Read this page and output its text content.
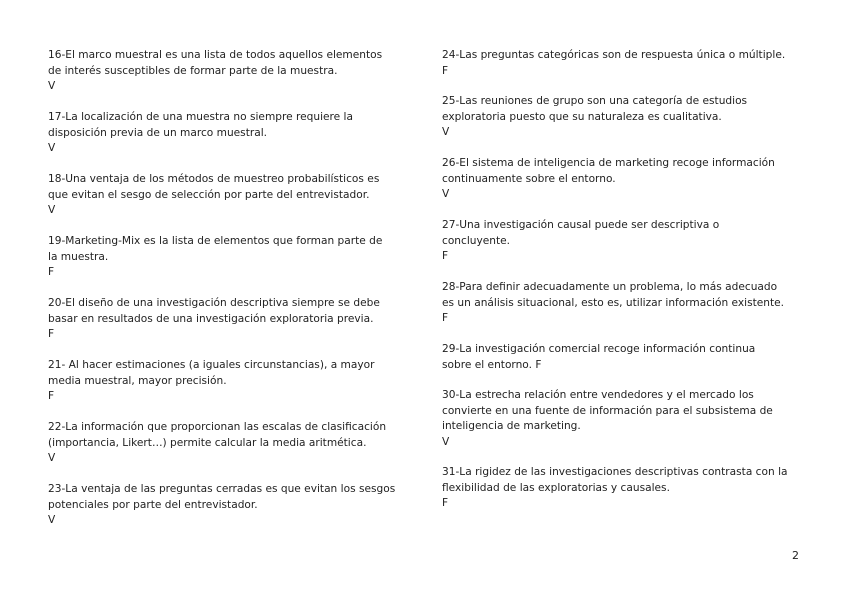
16-El marco muestral es una lista de todos aquellos elementos
de interés susceptibles de formar parte de la muestra.
V
17-La localización de una muestra no siempre requiere la
disposición previa de un marco muestral.
V
18-Una ventaja de los métodos de muestreo probabilísticos es
que evitan el sesgo de selección por parte del entrevistador.
V
19-Marketing-Mix es la lista de elementos que forman parte de
la muestra.
F
20-El diseño de una investigación descriptiva siempre se debe
basar en resultados de una investigación exploratoria previa.
F
21- Al hacer estimaciones (a iguales circunstancias), a mayor
media muestral, mayor precisión.
F
22-La información que proporcionan las escalas de clasificación
(importancia, Likert…) permite calcular la media aritmética.
V
23-La ventaja de las preguntas cerradas es que evitan los sesgos
potenciales por parte del entrevistador.
V
24-Las preguntas categóricas son de respuesta única o múltiple.
F
25-Las reuniones de grupo son una categoría de estudios
exploratoria puesto que su naturaleza es cualitativa.
V
26-El sistema de inteligencia de marketing recoge información
continuamente sobre el entorno.
V
27-Una investigación causal puede ser descriptiva o
concluyente.
F
28-Para definir adecuadamente un problema, lo más adecuado
es un análisis situacional, esto es, utilizar información existente.
F
29-La investigación comercial recoge información continua
sobre el entorno. F
30-La estrecha relación entre vendedores y el mercado los
convierte en una fuente de información para el subsistema de
inteligencia de marketing.
V
31-La rigidez de las investigaciones descriptivas contrasta con la
flexibilidad de las exploratorias y causales.
F
2
